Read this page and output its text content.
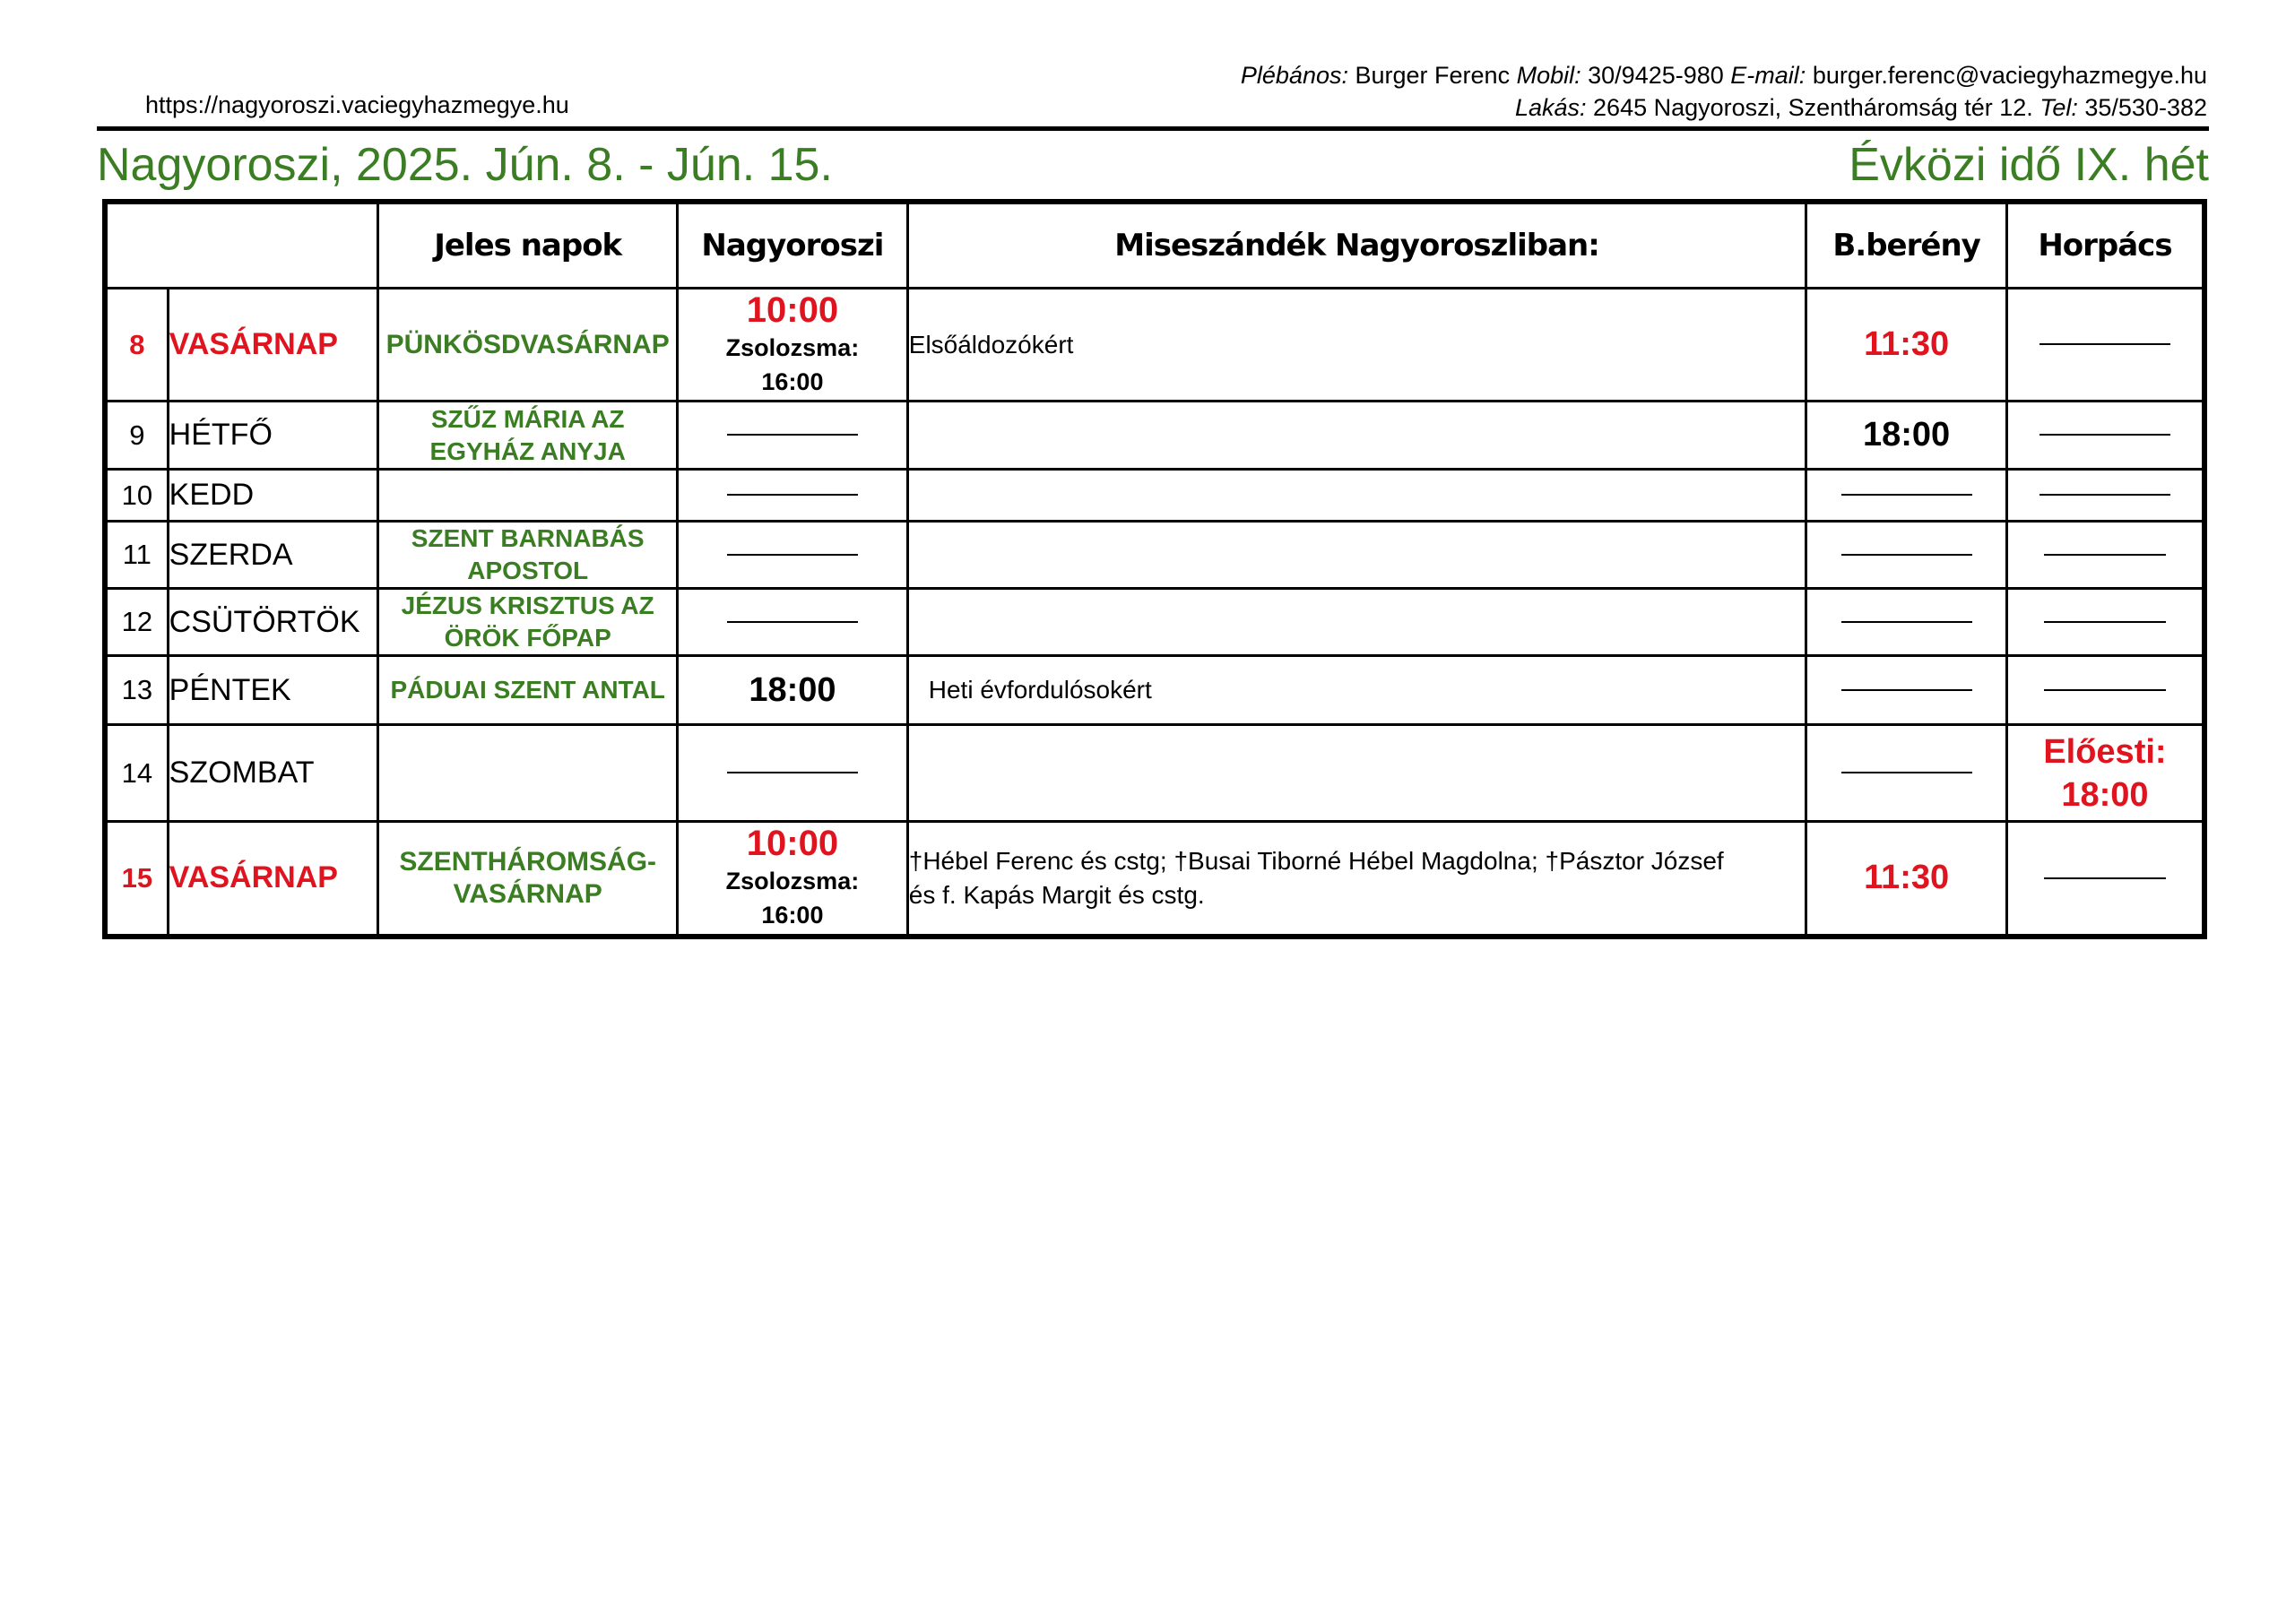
https://nagyoroszi.vaciegyhazmegye.hu
Plébános: Burger Ferenc Mobil: 30/9425-980 E-mail: burger.ferenc@vaciegyhazmegye.hu
Lakás: 2645 Nagyoroszi, Szentháromság tér 12. Tel: 35/530-382
Nagyoroszi, 2025. Jún. 8. - Jún. 15.	Évközi idő IX. hét
		Jeles napok	Nagyoroszi	Miseszándék Nagyoroszliban:	B.berény	Horpács
8	VASÁRNAP	PÜNKÖSDVASÁRNAP	10:00
Zsolozsma:
16:00	Elsőáldozókért	11:30	
9	HÉTFŐ	SZŰZ MÁRIA AZ EGYHÁZ ANYJA			18:00	
10	KEDD					
11	SZERDA	SZENT BARNABÁS APOSTOL				
12	CSÜTÖRTÖK	JÉZUS KRISZTUS AZ ÖRÖK FŐPAP				
13	PÉNTEK	PÁDUAI SZENT ANTAL	18:00	Heti évfordulósokért		
14	SZOMBAT					Előesti:
18:00

15	VASÁRNAP	SZENTHÁROMSÁG-VASÁRNAP	10:00
Zsolozsma:
16:00	†Hébel Ferenc és cstg; †Busai Tiborné Hébel Magdolna; †Pásztor József és f. Kapás Margit és cstg.	11:30	
